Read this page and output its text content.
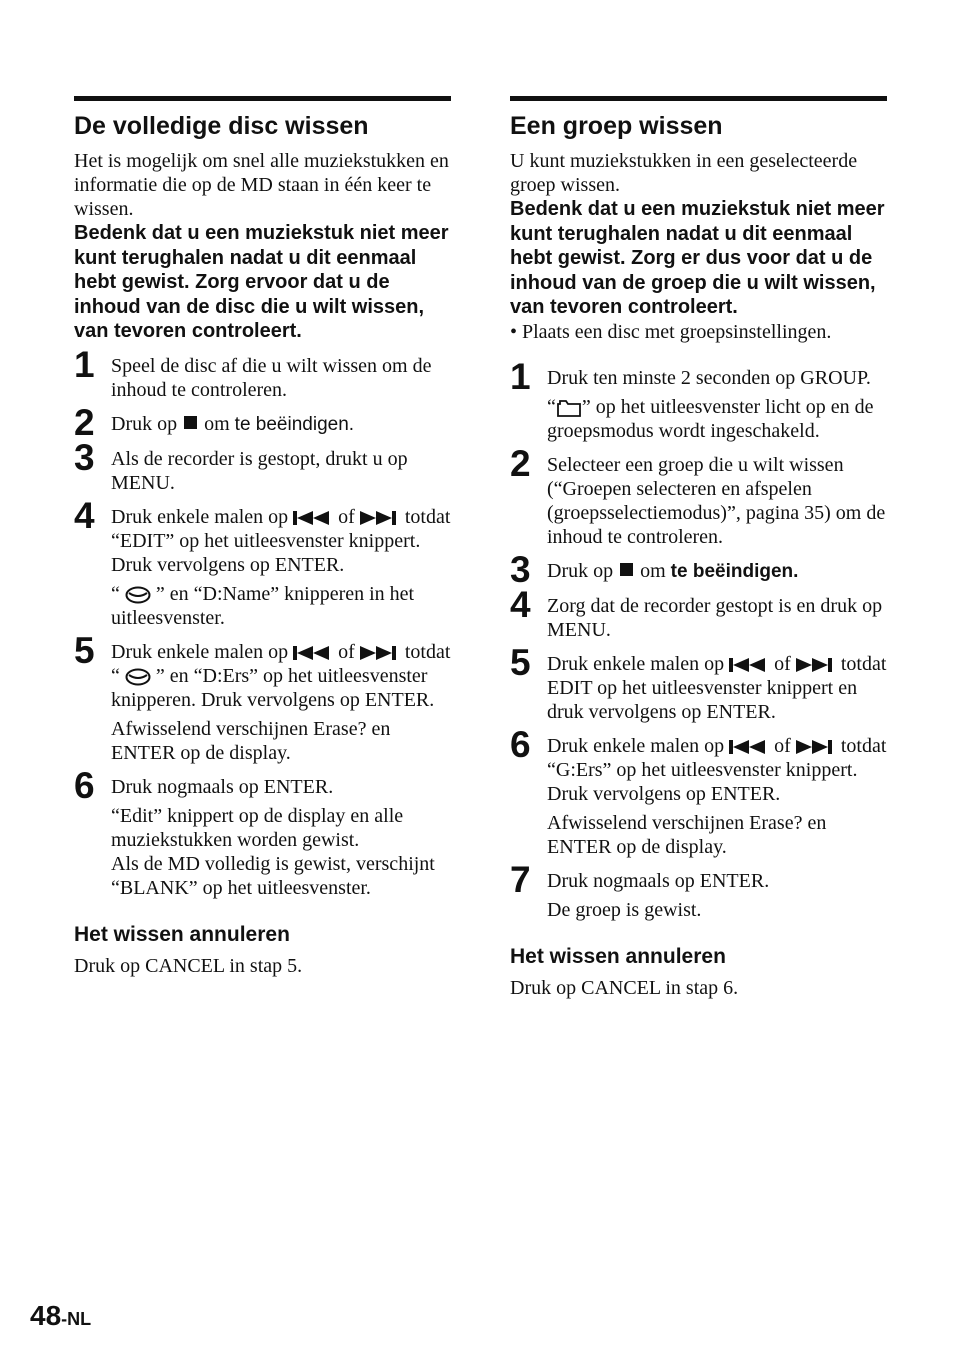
De volledige disc wissen

Het is mogelijk om snel alle muziekstukken en informatie die op de MD staan in één keer te wissen.

Bedenk dat u een muziekstuk niet meer kunt terughalen nadat u dit eenmaal hebt gewist. Zorg ervoor dat u de inhoud van de disc die u wilt wissen, van tevoren controleert.

1 Speel de disc af die u wilt wissen om de inhoud te controleren.

2 Druk op  om te beëindigen.

3 Als de recorder is gestopt, drukt u op MENU.

4 Druk enkele malen op  of  totdat “EDIT” op het uitleesvenster knippert. Druk vervolgens op ENTER.

“  ” en “D:Name” knipperen in het uitleesvenster.

5 Druk enkele malen op  of  totdat “  ” en “D:Ers” op het uitleesvenster knipperen. Druk vervolgens op ENTER.

Afwisselend verschijnen Erase? en ENTER op de display.

6 Druk nogmaals op ENTER.

“Edit” knippert op de display en alle muziekstukken worden gewist.

Als de MD volledig is gewist, verschijnt “BLANK” op het uitleesvenster.

Het wissen annuleren

Druk op CANCEL in stap 5.

Een groep wissen

U kunt muziekstukken in een geselecteerde groep wissen.

Bedenk dat u een muziekstuk niet meer kunt terughalen nadat u dit eenmaal hebt gewist. Zorg er dus voor dat u de inhoud van de groep die u wilt wissen, van tevoren controleert.

• Plaats een disc met groepsinstellingen.

1 Druk ten minste 2 seconden op GROUP.

“ ” op het uitleesvenster licht op en de groepsmodus wordt ingeschakeld.

2 Selecteer een groep die u wilt wissen (“Groepen selecteren en afspelen (groepsselectiemodus)”, pagina 35) om de inhoud te controleren.

3 Druk op  om te beëindigen.

4 Zorg dat de recorder gestopt is en druk op MENU.

5 Druk enkele malen op  of  totdat EDIT op het uitleesvenster knippert en druk vervolgens op ENTER.

6 Druk enkele malen op  of  totdat “G:Ers” op het uitleesvenster knippert. Druk vervolgens op ENTER.

Afwisselend verschijnen Erase? en ENTER op de display.

7 Druk nogmaals op ENTER.

De groep is gewist.

Het wissen annuleren

Druk op CANCEL in stap 6.

48-NL
